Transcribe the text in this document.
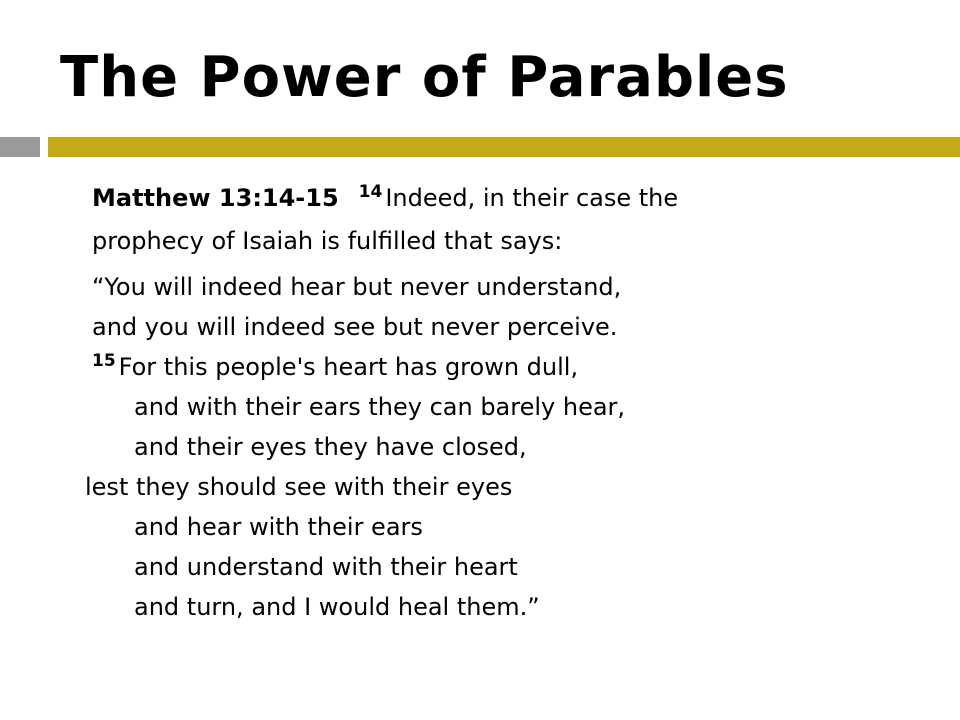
The Power of Parables

Matthew 13:14-15 $^{14}$ Indeed, in their case the
prophecy of Isaiah is fulfilled that says:

“You will indeed hear but never understand,
and you will indeed see but never perceive.
$^{15}$ For this people's heart has grown dull,
and with their ears they can barely hear,
and their eyes they have closed,
lest they should see with their eyes
and hear with their ears
and understand with their heart
and turn, and I would heal them.”
